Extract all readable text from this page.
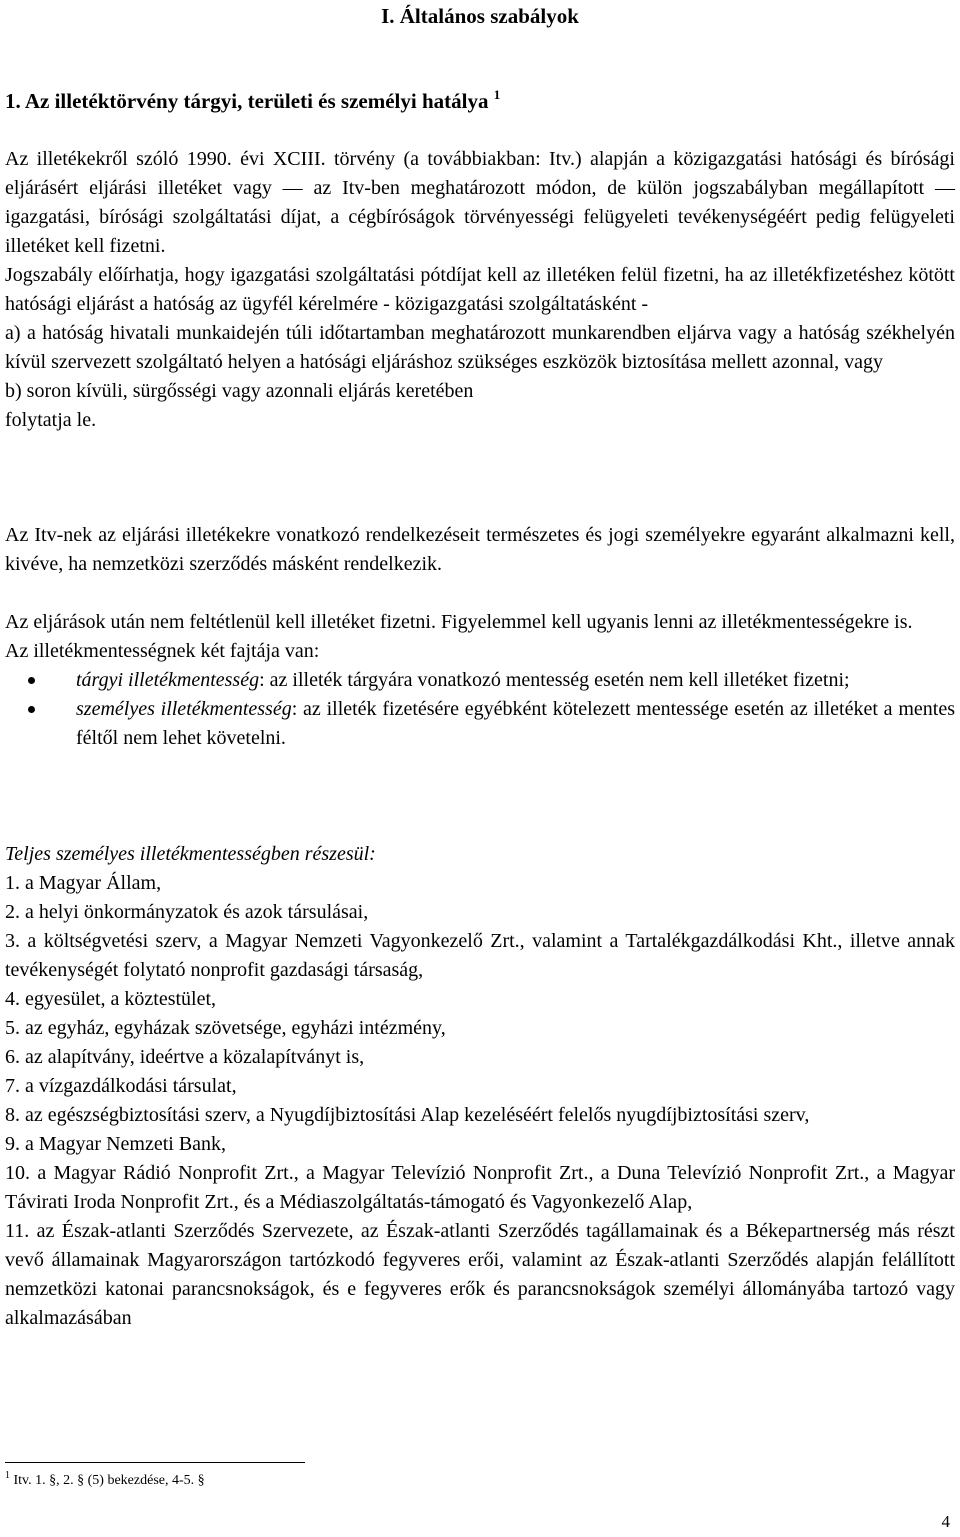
I. Általános szabályok
1. Az illetéktörvény tárgyi, területi és személyi hatálya $^1$

Az illetékekről szóló 1990. évi XCIII. törvény (a továbbiakban: Itv.) alapján a közigazgatási hatósági és bírósági eljárásért eljárási illetéket vagy ― az Itv-ben meghatározott módon, de külön jogszabályban megállapított ― igazgatási, bírósági szolgáltatási díjat, a cégbíróságok törvényességi felügyeleti tevékenységéért pedig felügyeleti illetéket kell fizetni.

Jogszabály előírhatja, hogy igazgatási szolgáltatási pótdíjat kell az illetéken felül fizetni, ha az illetékfizetéshez kötött hatósági eljárást a hatóság az ügyfél kérelmére - közigazgatási szolgáltatásként -

a) a hatóság hivatali munkaidején túli időtartamban meghatározott munkarendben eljárva vagy a hatóság székhelyén kívül szervezett szolgáltató helyen a hatósági eljáráshoz szükséges eszközök biztosítása mellett azonnal, vagy

b) soron kívüli, sürgősségi vagy azonnali eljárás keretében

folytatja le.

Az Itv-nek az eljárási illetékekre vonatkozó rendelkezéseit természetes és jogi személyekre egyaránt alkalmazni kell, kivéve, ha nemzetközi szerződés másként rendelkezik.

Az eljárások után nem feltétlenül kell illetéket fizetni. Figyelemmel kell ugyanis lenni az illetékmentességekre is.

Az illetékmentességnek két fajtája van:

tárgyi illetékmentesség: az illeték tárgyára vonatkozó mentesség esetén nem kell illetéket fizetni;
személyes illetékmentesség: az illeték fizetésére egyébként kötelezett mentessége esetén az illetéket a mentes féltől nem lehet követelni.

Teljes személyes illetékmentességben részesül:

1. a Magyar Állam,

2. a helyi önkormányzatok és azok társulásai,

3. a költségvetési szerv, a Magyar Nemzeti Vagyonkezelő Zrt., valamint a Tartalékgazdálkodási Kht., illetve annak tevékenységét folytató nonprofit gazdasági társaság,

4. egyesület, a köztestület,

5. az egyház, egyházak szövetsége, egyházi intézmény,

6. az alapítvány, ideértve a közalapítványt is,

7. a vízgazdálkodási társulat,

8. az egészségbiztosítási szerv, a Nyugdíjbiztosítási Alap kezeléséért felelős nyugdíjbiztosítási szerv,

9. a Magyar Nemzeti Bank,

10. a Magyar Rádió Nonprofit Zrt., a Magyar Televízió Nonprofit Zrt., a Duna Televízió Nonprofit Zrt., a Magyar Távirati Iroda Nonprofit Zrt., és a Médiaszolgáltatás-támogató és Vagyonkezelő Alap,

11. az Észak-atlanti Szerződés Szervezete, az Észak-atlanti Szerződés tagállamainak és a Békepartnerség más részt vevő államainak Magyarországon tartózkodó fegyveres erői, valamint az Észak-atlanti Szerződés alapján felállított nemzetközi katonai parancsnokságok, és e fegyveres erők és parancsnokságok személyi állományába tartozó vagy alkalmazásában

$^1$ Itv. 1. §, 2. § (5) bekezdése, 4-5. §
4
